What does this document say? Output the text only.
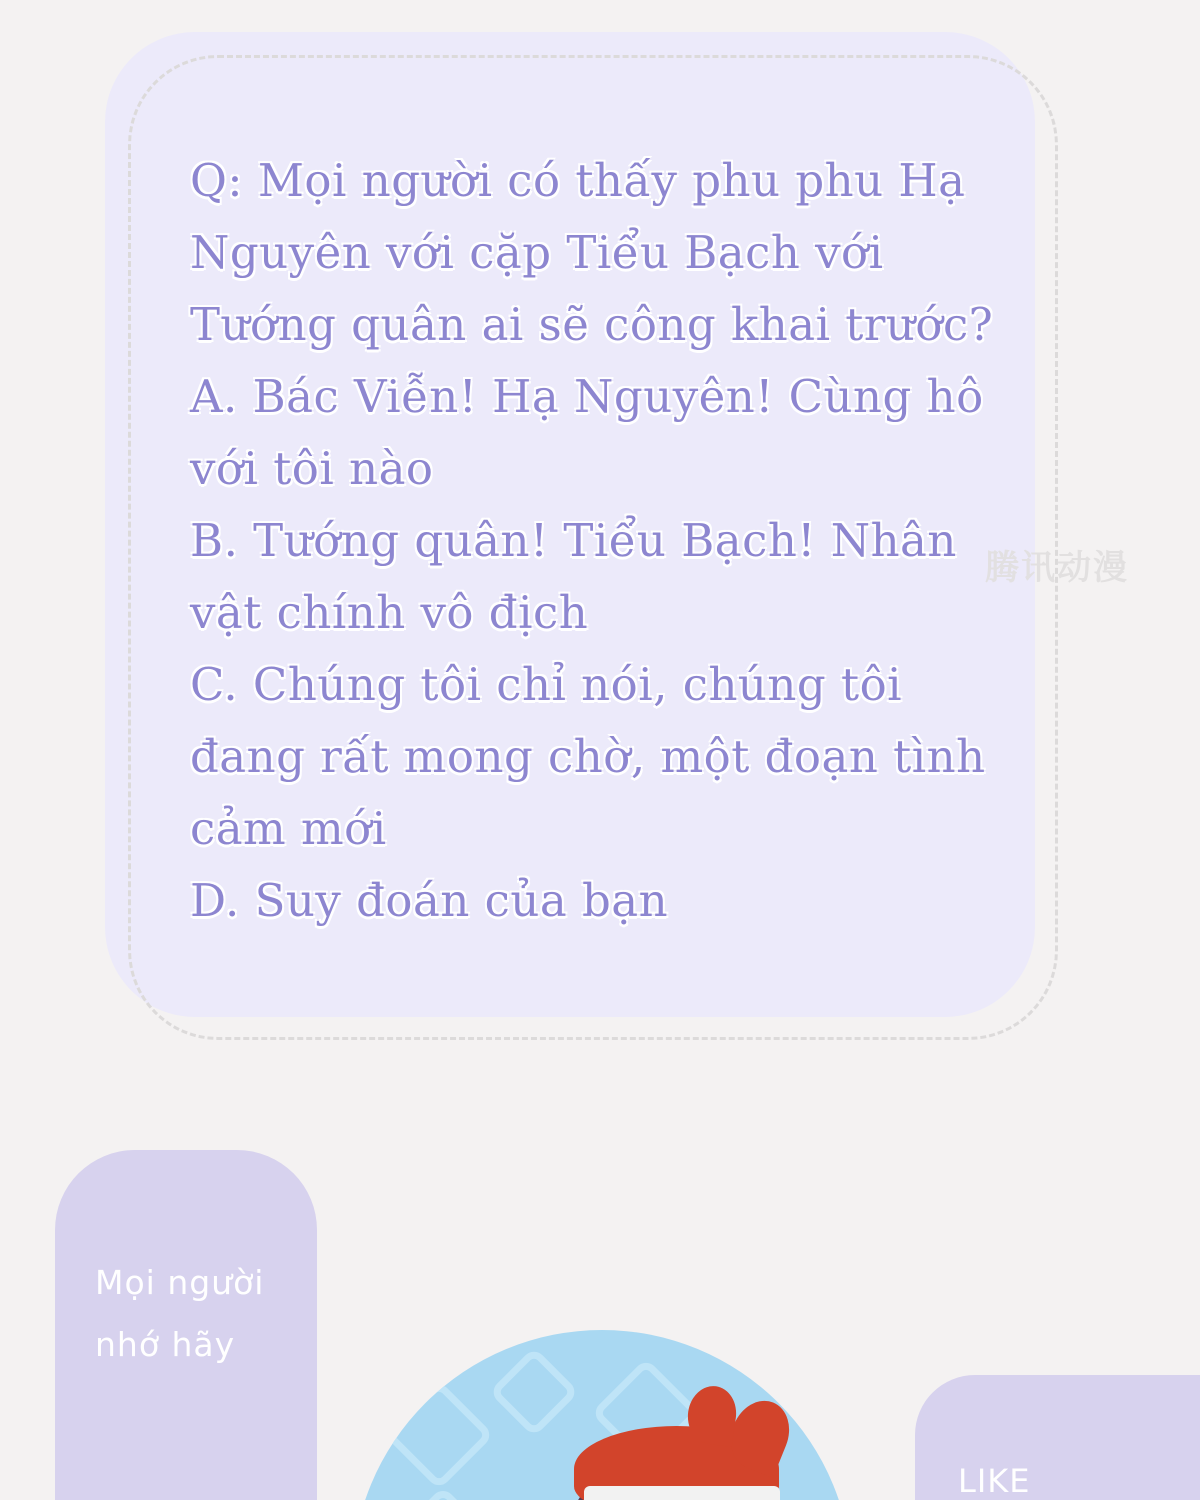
Q: Mọi người có thấy phu phu Hạ Nguyên với cặp Tiểu Bạch với Tướng quân ai sẽ công khai trước?
A. Bác Viễn! Hạ Nguyên! Cùng hô với tôi nào
B. Tướng quân! Tiểu Bạch! Nhân vật chính vô địch
C. Chúng tôi chỉ nói, chúng tôi đang rất mong chờ, một đoạn tình cảm mới
D. Suy đoán của bạn
腾讯动漫
Mọi người nhớ hãy
LIKE
